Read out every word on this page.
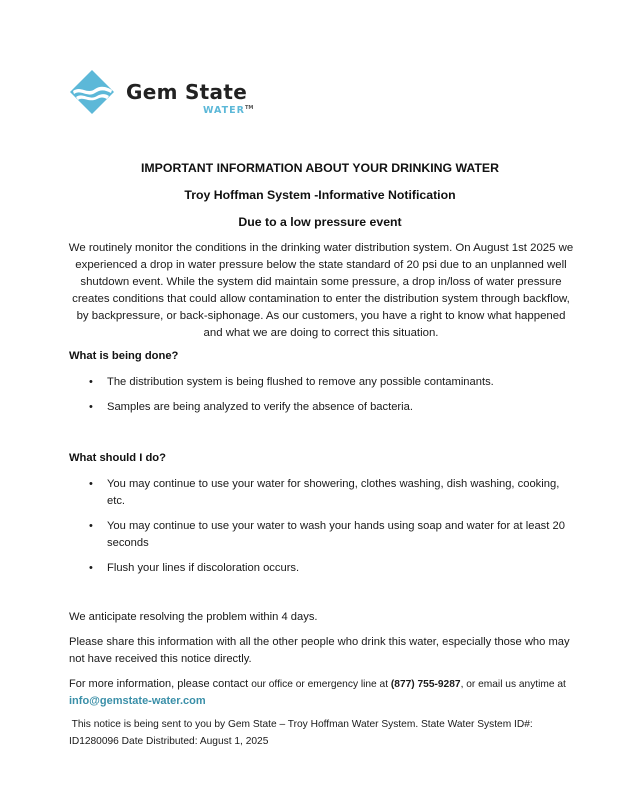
Gem State
WATER™
IMPORTANT INFORMATION ABOUT YOUR DRINKING WATER
Troy Hoffman System -Informative Notification
Due to a low pressure event
We routinely monitor the conditions in the drinking water distribution system. On August 1st 2025 we experienced a drop in water pressure below the state standard of 20 psi due to an unplanned well shutdown event. While the system did maintain some pressure, a drop in/loss of water pressure creates conditions that could allow contamination to enter the distribution system through backflow, by backpressure, or back-siphonage. As our customers, you have a right to know what happened and what we are doing to correct this situation.
What is being done?
• The distribution system is being flushed to remove any possible contaminants.
• Samples are being analyzed to verify the absence of bacteria.
What should I do?
• You may continue to use your water for showering, clothes washing, dish washing, cooking, etc.
• You may continue to use your water to wash your hands using soap and water for at least 20 seconds
• Flush your lines if discoloration occurs.
We anticipate resolving the problem within 4 days.
Please share this information with all the other people who drink this water, especially those who may not have received this notice directly.
For more information, please contact our office or emergency line at (877) 755-9287, or email us anytime at info@gemstate-water.com
This notice is being sent to you by Gem State – Troy Hoffman Water System. State Water System ID#:
ID1280096 Date Distributed: August 1, 2025
